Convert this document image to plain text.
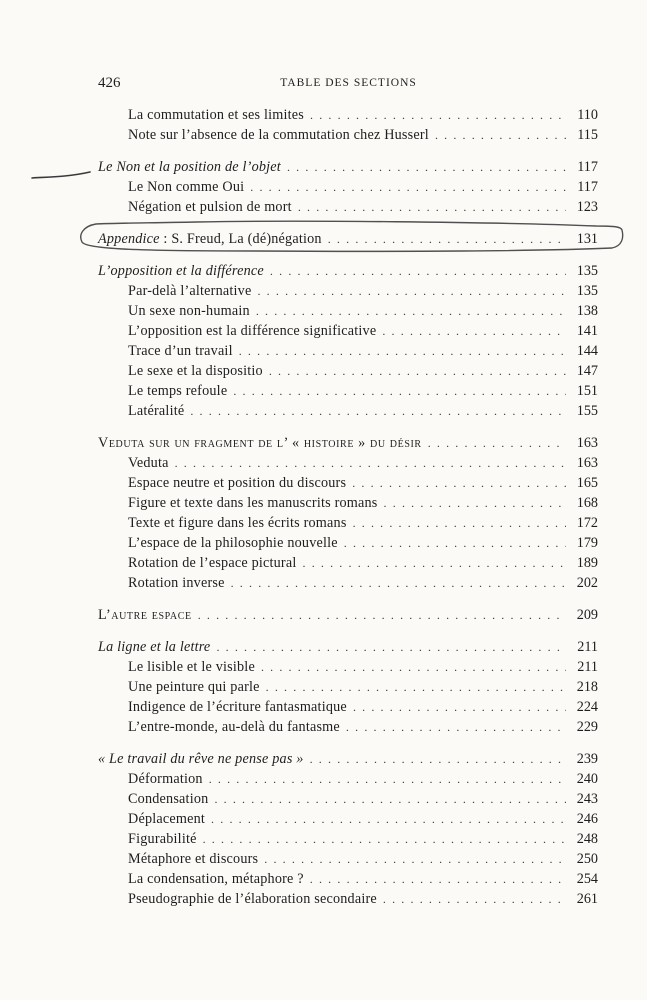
426	TABLE DES SECTIONS
La commutation et ses limites . . .	110
Note sur l’absence de la commutation chez Husserl . . .	115
Le Non et la position de l’objet . . .	117
Le Non comme Oui . . .	117
Négation et pulsion de mort . . .	123
Appendice : S. Freud, La (dé)négation . . .	131
L’opposition et la différence . . .	135
Par-delà l’alternative . . .	135
Un sexe non-humain . . .	138
L’opposition est la différence significative . . .	141
Trace d’un travail . . .	144
Le sexe et la dispositio . . .	147
Le temps refoule . . .	151
Latéralité . . .	155
Veduta sur un fragment de l’ « histoire » du désir . . .	163
Veduta . . .	163
Espace neutre et position du discours . . .	165
Figure et texte dans les manuscrits romans . . .	168
Texte et figure dans les écrits romans . . .	172
L’espace de la philosophie nouvelle . . .	179
Rotation de l’espace pictural . . .	189
Rotation inverse . . .	202
L’autre espace . . .	209
La ligne et la lettre . . .	211
Le lisible et le visible . . .	211
Une peinture qui parle . . .	218
Indigence de l’écriture fantasmatique . . .	224
L’entre-monde, au-delà du fantasme . . .	229
« Le travail du rêve ne pense pas » . . .	239
Déformation . . .	240
Condensation . . .	243
Déplacement . . .	246
Figurabilité . . .	248
Métaphore et discours . . .	250
La condensation, métaphore ? . . .	254
Pseudographie de l’élaboration secondaire . . .	261
